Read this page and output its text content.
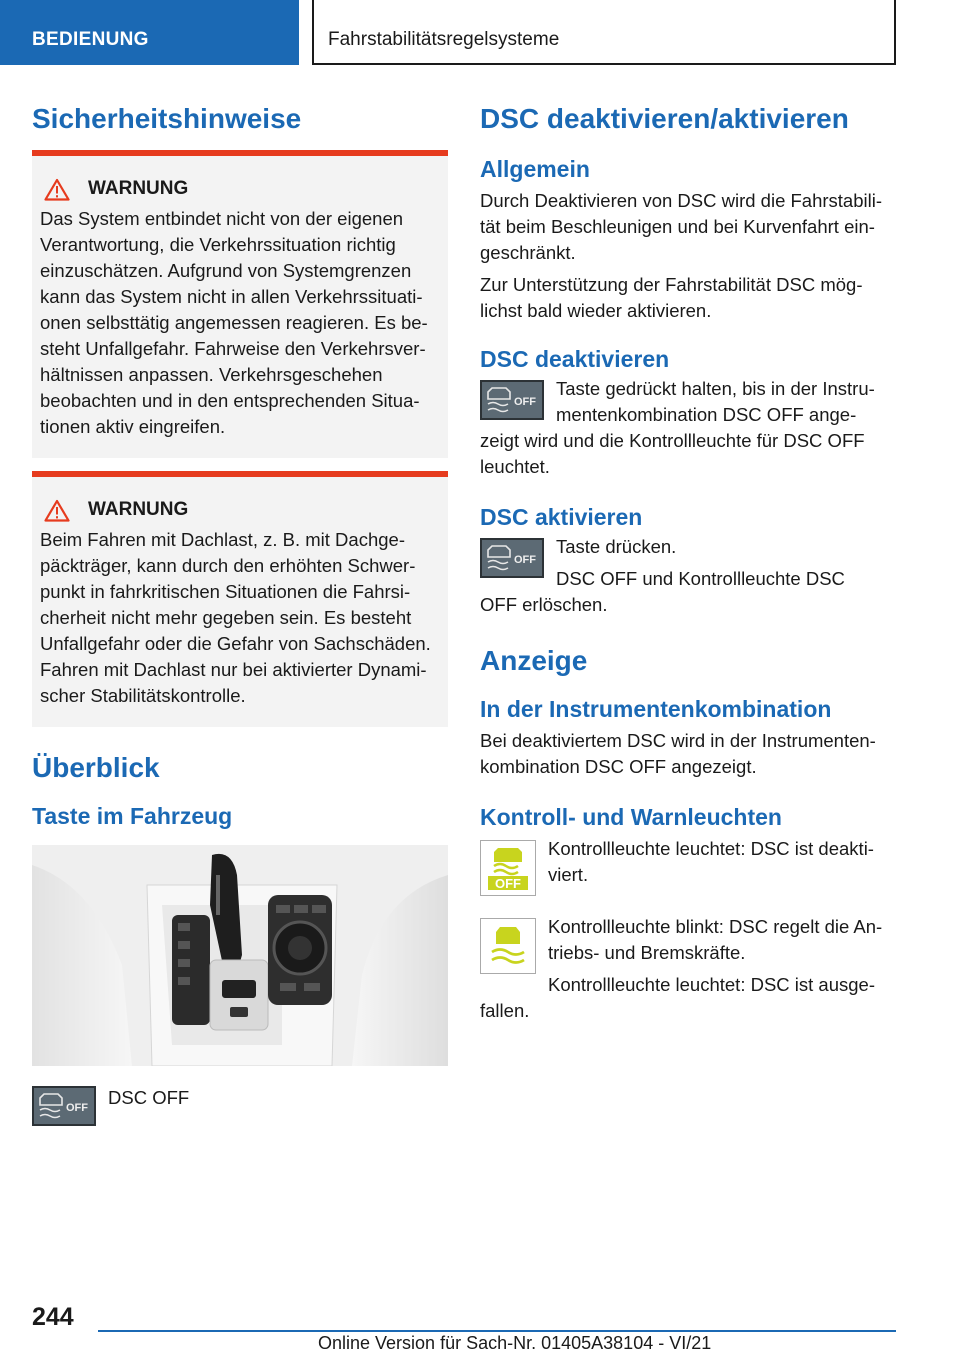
BEDIENUNG	Fahrstabilitätsregelsysteme
Sicherheitshinweise
WARNUNG

Das System entbindet nicht von der eigenen
Verantwortung, die Verkehrssituation richtig
einzuschätzen. Aufgrund von Systemgrenzen
kann das System nicht in allen Verkehrssituati-
onen selbsttätig angemessen reagieren. Es be-
steht Unfallgefahr. Fahrweise den Verkehrsver-
hältnissen anpassen. Verkehrsgeschehen
beobachten und in den entsprechenden Situa-
tionen aktiv eingreifen.

WARNUNG

Beim Fahren mit Dachlast, z. B. mit Dachge-
päckträger, kann durch den erhöhten Schwer-
punkt in fahrkritischen Situationen die Fahrsi-
cherheit nicht mehr gegeben sein. Es besteht
Unfallgefahr oder die Gefahr von Sachschäden.
Fahren mit Dachlast nur bei aktivierter Dynami-
scher Stabilitätskontrolle.

Überblick
Taste im Fahrzeug
OFF DSC OFF

DSC deaktivieren/aktivieren
Allgemein

Durch Deaktivieren von DSC wird die Fahrstabili-
tät beim Beschleunigen und bei Kurvenfahrt ein-
geschränkt.

Zur Unterstützung der Fahrstabilität DSC mög-
lichst bald wieder aktivieren.

DSC deaktivieren
OFF

Taste gedrückt halten, bis in der Instru-
mentenkombination DSC OFF ange-
zeigt wird und die Kontrollleuchte für DSC OFF
leuchtet.

DSC aktivieren
OFF

Taste drücken.

DSC OFF und Kontrollleuchte DSC
OFF erlöschen.

Anzeige
In der Instrumentenkombination

Bei deaktiviertem DSC wird in der Instrumenten-
kombination DSC OFF angezeigt.

Kontroll- und Warnleuchten
OFF

Kontrollleuchte leuchtet: DSC ist deakti-
viert.

Kontrollleuchte blinkt: DSC regelt die An-
triebs- und Bremskräfte.

Kontrollleuchte leuchtet: DSC ist ausge-
fallen.

244
Online Version für Sach-Nr. 01405A38104 - VI/21
